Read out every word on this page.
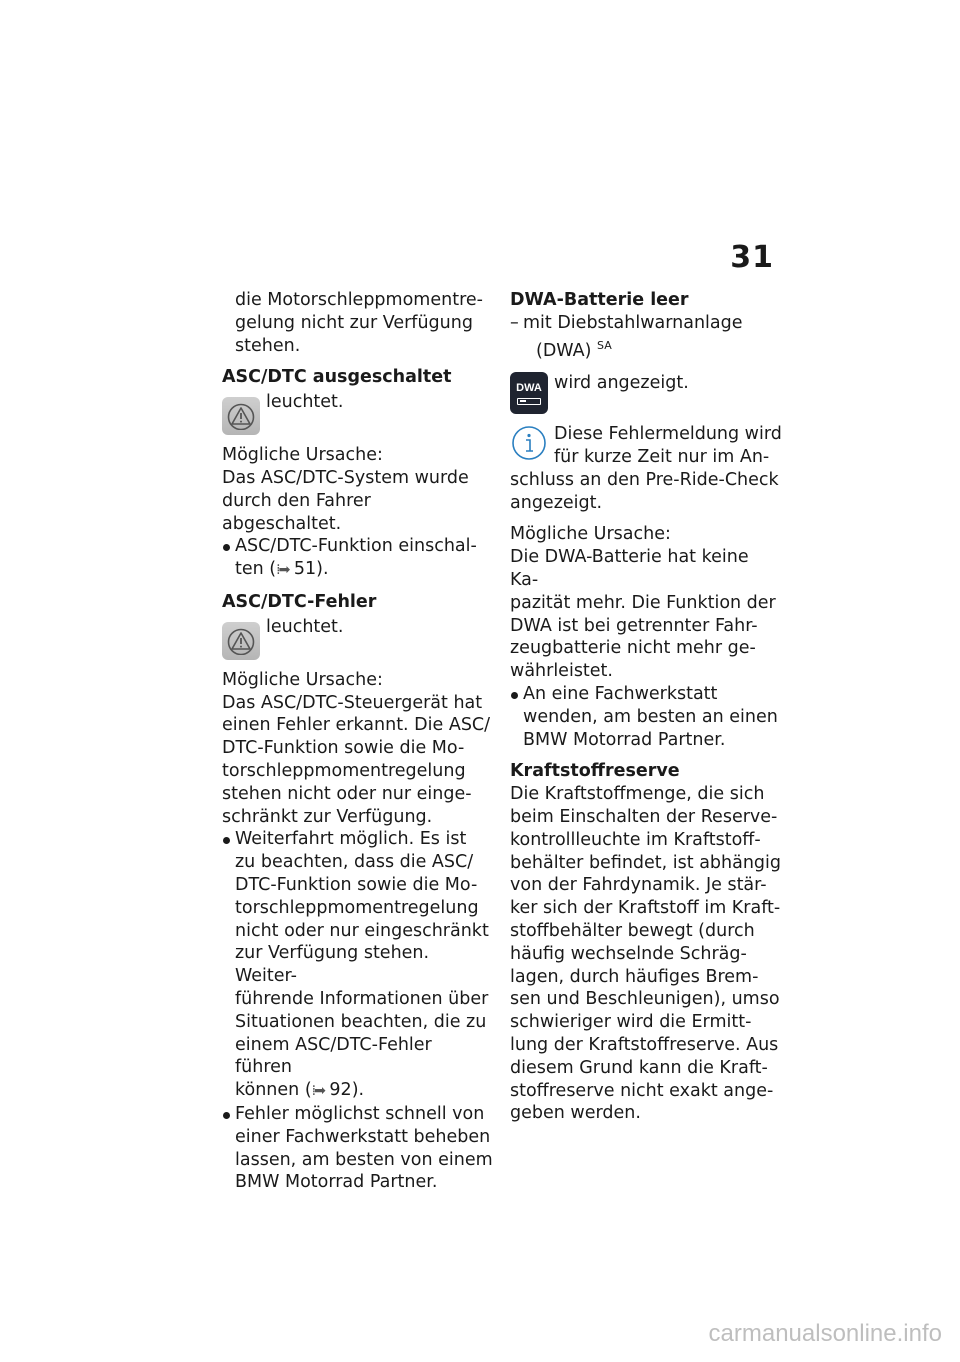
31

die Motorschleppmomentre-

gelung nicht zur Verfügung

stehen.

ASC/DTC ausgeschaltet

leuchtet.

Mögliche Ursache:

Das ASC/DTC-System wurde

durch den Fahrer abgeschaltet.

ASC/DTC-Funktion einschal-

ten (⁞➡ 51).

ASC/DTC-Fehler

leuchtet.

Mögliche Ursache:

Das ASC/DTC-Steuergerät hat

einen Fehler erkannt. Die ASC/

DTC-Funktion sowie die Mo-

torschleppmomentregelung

stehen nicht oder nur einge-

schränkt zur Verfügung.

Weiterfahrt möglich. Es ist

zu beachten, dass die ASC/

DTC-Funktion sowie die Mo-

torschleppmomentregelung

nicht oder nur eingeschränkt

zur Verfügung stehen. Weiter-

führende Informationen über

Situationen beachten, die zu

einem ASC/DTC-Fehler führen

können (⁞➡ 92).

Fehler möglichst schnell von

einer Fachwerkstatt beheben

lassen, am besten von einem

BMW Motorrad Partner.

DWA-Batterie leer

– mit Diebstahlwarnanlage

(DWA) $^{SA}$

DWA wird angezeigt.

Diese Fehlermeldung wird

für kurze Zeit nur im An-

schluss an den Pre-Ride-Check

angezeigt.

Mögliche Ursache:

Die DWA-Batterie hat keine Ka-

pazität mehr. Die Funktion der

DWA ist bei getrennter Fahr-

zeugbatterie nicht mehr ge-

währleistet.

An eine Fachwerkstatt

wenden, am besten an einen

BMW Motorrad Partner.

Kraftstoffreserve

Die Kraftstoffmenge, die sich

beim Einschalten der Reserve-

kontrollleuchte im Kraftstoff-

behälter befindet, ist abhängig

von der Fahrdynamik. Je stär-

ker sich der Kraftstoff im Kraft-

stoffbehälter bewegt (durch

häufig wechselnde Schräg-

lagen, durch häufiges Brem-

sen und Beschleunigen), umso

schwieriger wird die Ermitt-

lung der Kraftstoffreserve. Aus

diesem Grund kann die Kraft-

stoffreserve nicht exakt ange-

geben werden.

carmanualsonline.info
